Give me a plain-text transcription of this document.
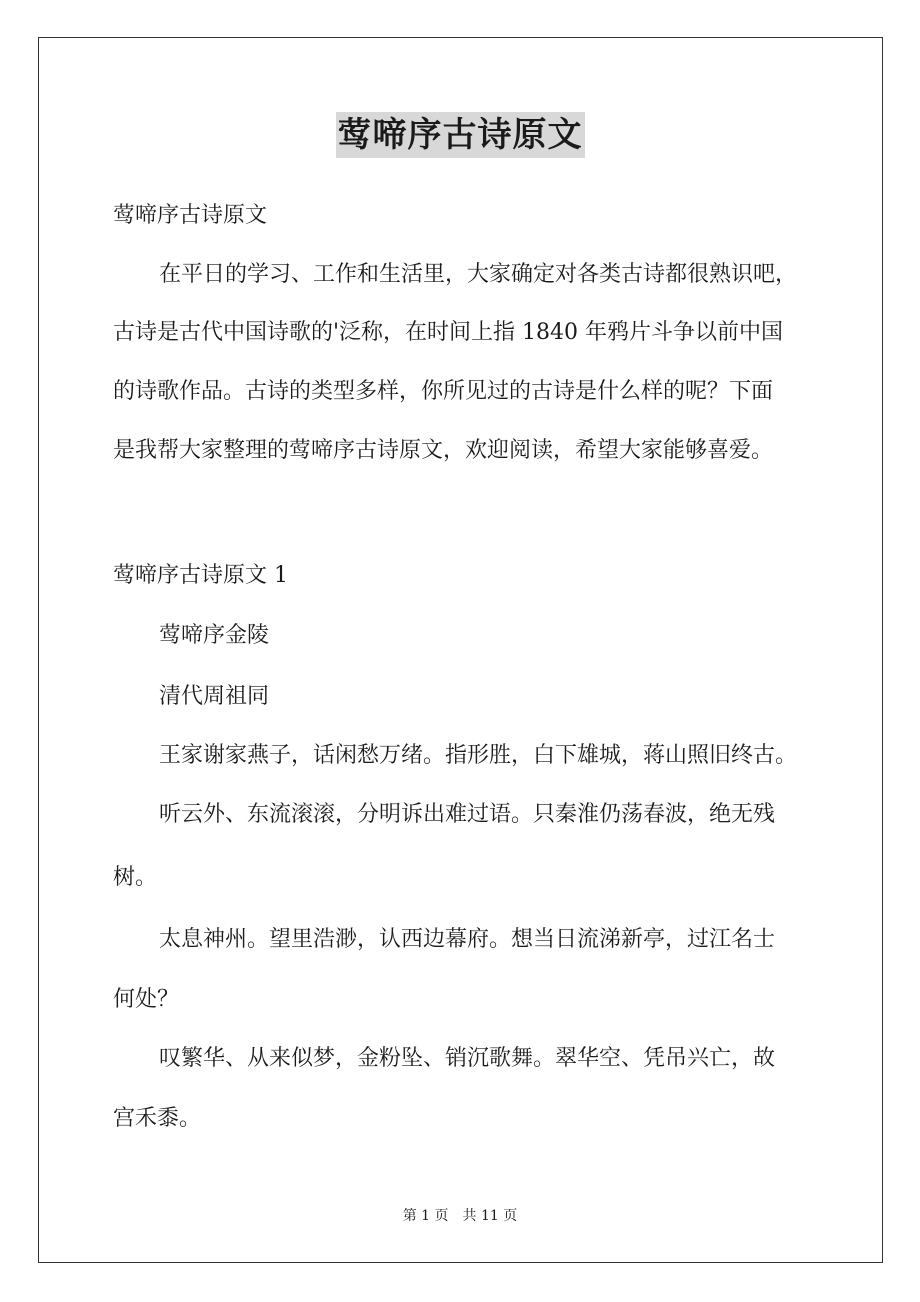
莺啼序古诗原文

莺啼序古诗原文

在平日的学习、工作和生活里，大家确定对各类古诗都很熟识吧，

古诗是古代中国诗歌的'泛称，在时间上指 1840 年鸦片斗争以前中国

的诗歌作品。古诗的类型多样，你所见过的古诗是什么样的呢？下面

是我帮大家整理的莺啼序古诗原文，欢迎阅读，希望大家能够喜爱。

莺啼序古诗原文 1

莺啼序金陵

清代周祖同

王家谢家燕子，话闲愁万绪。指形胜，白下雄城，蒋山照旧终古。

听云外、东流滚滚，分明诉出难过语。只秦淮仍荡春波，绝无残

树。

太息神州。望里浩渺，认西边幕府。想当日流涕新亭，过江名士

何处？

叹繁华、从来似梦，金粉坠、销沉歌舞。翠华空、凭吊兴亡，故

宫禾黍。

第 1 页 共 11 页
